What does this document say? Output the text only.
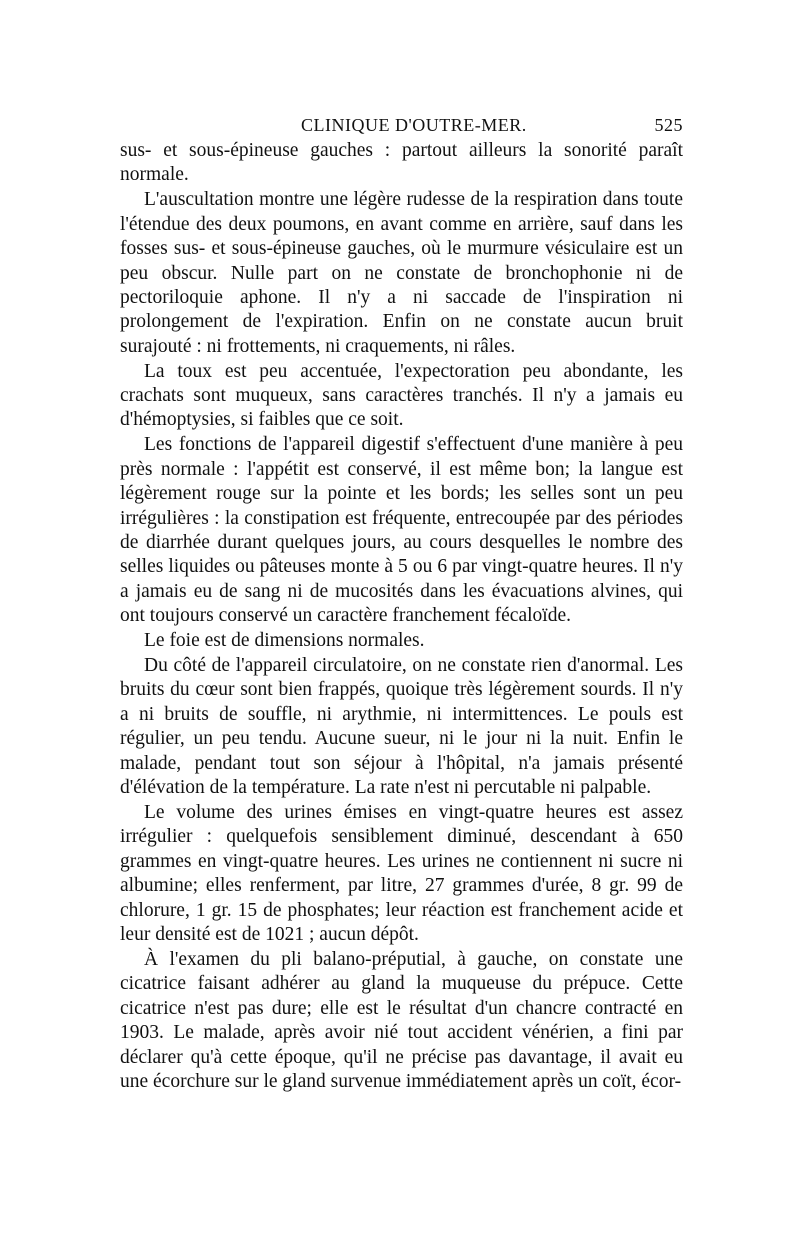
CLINIQUE D'OUTRE-MER.	525

sus- et sous-épineuse gauches : partout ailleurs la sonorité paraît normale.

L'auscultation montre une légère rudesse de la respiration dans toute l'étendue des deux poumons, en avant comme en arrière, sauf dans les fosses sus- et sous-épineuse gauches, où le murmure vésiculaire est un peu obscur. Nulle part on ne constate de bronchophonie ni de pectoriloquie aphone. Il n'y a ni saccade de l'inspiration ni prolongement de l'expiration. Enfin on ne constate aucun bruit surajouté : ni frottements, ni craquements, ni râles.

La toux est peu accentuée, l'expectoration peu abondante, les crachats sont muqueux, sans caractères tranchés. Il n'y a jamais eu d'hémoptysies, si faibles que ce soit.

Les fonctions de l'appareil digestif s'effectuent d'une manière à peu près normale : l'appétit est conservé, il est même bon; la langue est légèrement rouge sur la pointe et les bords; les selles sont un peu irrégulières : la constipation est fréquente, entrecoupée par des périodes de diarrhée durant quelques jours, au cours desquelles le nombre des selles liquides ou pâteuses monte à 5 ou 6 par vingt-quatre heures. Il n'y a jamais eu de sang ni de mucosités dans les évacuations alvines, qui ont toujours conservé un caractère franchement fécaloïde.

Le foie est de dimensions normales.

Du côté de l'appareil circulatoire, on ne constate rien d'anormal. Les bruits du cœur sont bien frappés, quoique très légèrement sourds. Il n'y a ni bruits de souffle, ni arythmie, ni intermittences. Le pouls est régulier, un peu tendu. Aucune sueur, ni le jour ni la nuit. Enfin le malade, pendant tout son séjour à l'hôpital, n'a jamais présenté d'élévation de la température. La rate n'est ni percutable ni palpable.

Le volume des urines émises en vingt-quatre heures est assez irrégulier : quelquefois sensiblement diminué, descendant à 650 grammes en vingt-quatre heures. Les urines ne contiennent ni sucre ni albumine; elles renferment, par litre, 27 grammes d'urée, 8 gr. 99 de chlorure, 1 gr. 15 de phosphates; leur réaction est franchement acide et leur densité est de 1021 ; aucun dépôt.

À l'examen du pli balano-préputial, à gauche, on constate une cicatrice faisant adhérer au gland la muqueuse du prépuce. Cette cicatrice n'est pas dure; elle est le résultat d'un chancre contracté en 1903. Le malade, après avoir nié tout accident vénérien, a fini par déclarer qu'à cette époque, qu'il ne précise pas davantage, il avait eu une écorchure sur le gland survenue immédiatement après un coït, écor-
